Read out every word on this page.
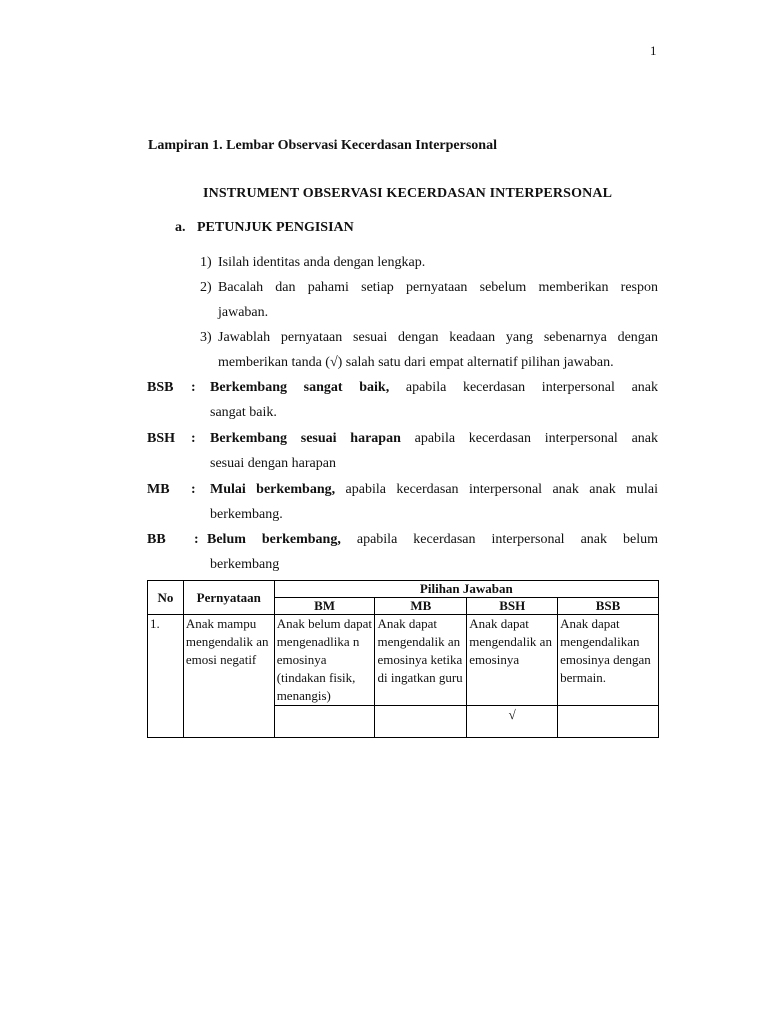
1
Lampiran 1. Lembar Observasi Kecerdasan Interpersonal
INSTRUMENT OBSERVASI KECERDASAN INTERPERSONAL
a. PETUNJUK PENGISIAN
1) Isilah identitas anda dengan lengkap.
2) Bacalah dan pahami setiap pernyataan sebelum memberikan respon
jawaban.
3) Jawablah pernyataan sesuai dengan keadaan yang sebenarnya dengan
memberikan tanda (√) salah satu dari empat alternatif pilihan jawaban.
BSB : Berkembang sangat baik, apabila kecerdasan interpersonal anak
sangat baik.
BSH : Berkembang sesuai harapan apabila kecerdasan interpersonal anak
sesuai dengan harapan
MB : Mulai berkembang, apabila kecerdasan interpersonal anak anak mulai
berkembang.
BB : Belum berkembang, apabila kecerdasan interpersonal anak belum
berkembang
No	Pernyataan	Pilihan Jawaban			
		BM	MB	BSH	BSB
1.	Anak mampu mengendalik an emosi negatif	Anak belum dapat mengenadlika n emosinya (tindakan fisik, menangis)	Anak dapat mengendalik an emosinya ketika di ingatkan guru	Anak dapat mengendalik an emosinya	Anak dapat mengendalikan emosinya dengan bermain.

				√	
